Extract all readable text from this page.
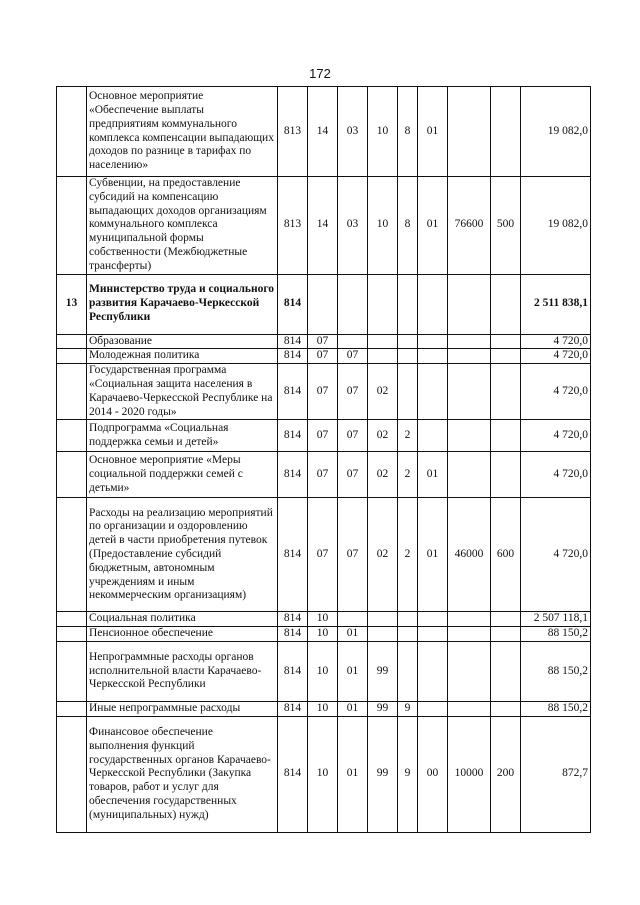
172
	Основное мероприятие «Обеспечение выплаты предприятиям коммунального комплекса компенсации выпадающих доходов по разнице в тарифах по населению»	813	14	03	10	8	01			19 082,0
	Субвенции, на предоставление субсидий на компенсацию выпадающих доходов организациям коммунального комплекса муниципальной формы собственности (Межбюджетные трансферты)	813	14	03	10	8	01	76600	500	19 082,0
13	Министерство труда и социального развития Карачаево-Черкесской Республики	814								2 511 838,1
	Образование	814	07							4 720,0
	Молодежная политика	814	07	07						4 720,0
	Государственная программа «Социальная защита населения в Карачаево-Черкесской Республике на 2014 - 2020 годы»	814	07	07	02					4 720,0
	Подпрограмма «Социальная поддержка семьи и детей»	814	07	07	02	2				4 720,0
	Основное мероприятие «Меры социальной поддержки семей с детьми»	814	07	07	02	2	01			4 720,0
	Расходы на реализацию мероприятий по организации и оздоровлению детей в части приобретения путевок (Предоставление субсидий бюджетным, автономным учреждениям и иным некоммерческим организациям)	814	07	07	02	2	01	46000	600	4 720,0
	Социальная политика	814	10							2 507 118,1
	Пенсионное обеспечение	814	10	01						88 150,2
	Непрограммные расходы органов исполнительной власти Карачаево-Черкесской Республики	814	10	01	99					88 150,2
	Иные непрограммные расходы	814	10	01	99	9				88 150,2
	Финансовое обеспечение выполнения функций государственных органов Карачаево-Черкесской Республики (Закупка товаров, работ и услуг для обеспечения государственных (муниципальных) нужд)	814	10	01	99	9	00	10000	200	872,7
